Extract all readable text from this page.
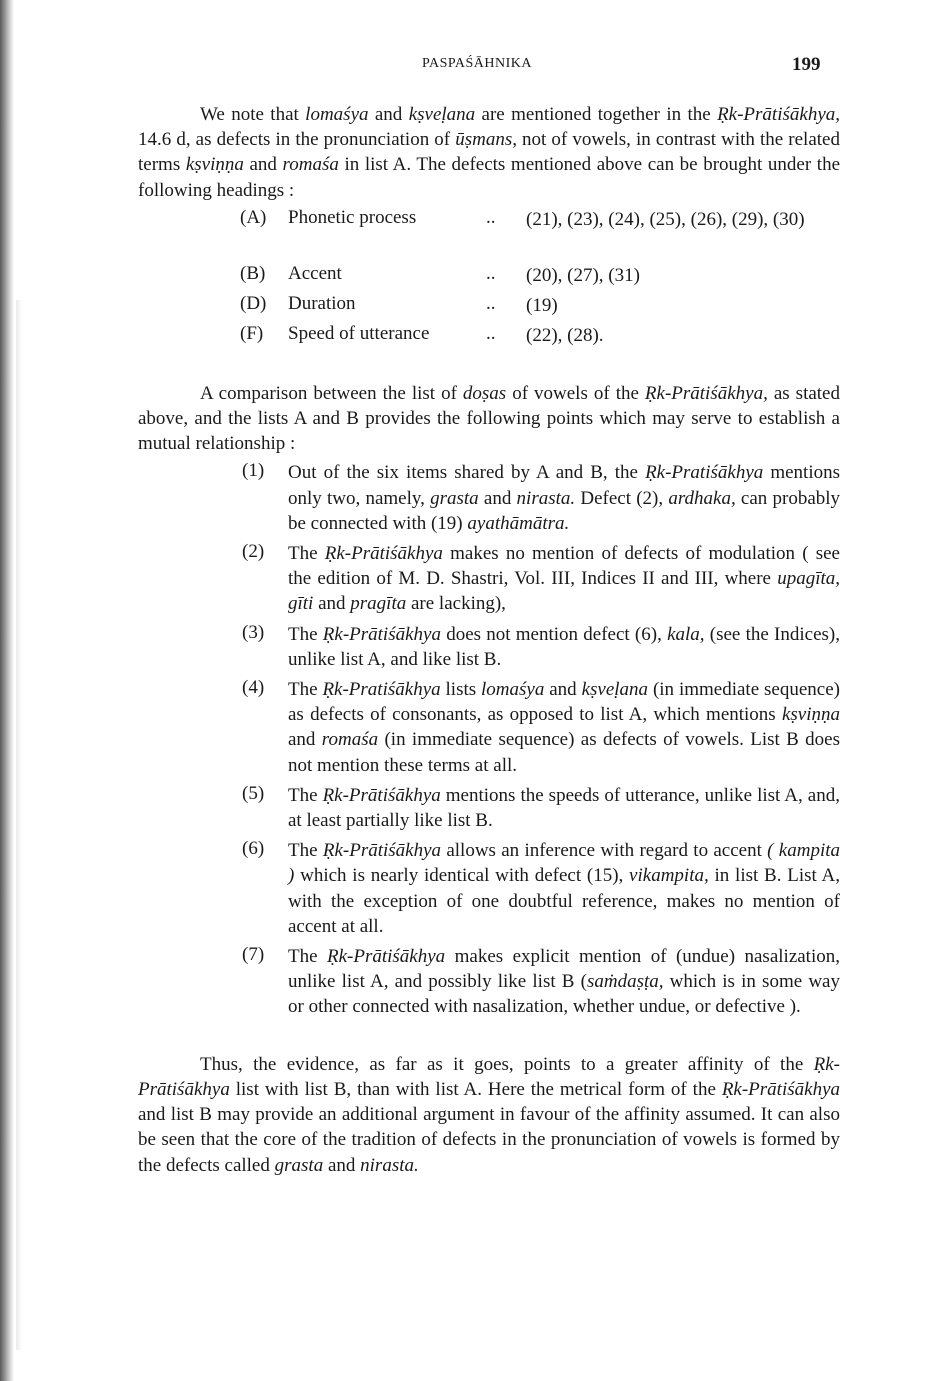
PASPAŚĀHNIKA	199

We note that lomaśya and kṣveḷana are mentioned together in the Ṛk-Prātiśākhya, 14.6 d, as defects in the pronunciation of ūṣmans, not of vowels, in contrast with the related terms kṣviṇṇa and romaśa in list A. The defects mentioned above can be brought under the following headings :

(A) Phonetic process	.. (21), (23), (24), (25), (26), (29), (30)
(B) Accent	.. (20), (27), (31)
(D) Duration	.. (19)
(F) Speed of utterance	.. (22), (28).

A comparison between the list of doṣas of vowels of the Ṛk-Prātiśākhya, as stated above, and the lists A and B provides the following points which may serve to establish a mutual relationship :

(1) Out of the six items shared by A and B, the Ṛk-Pratiśākhya mentions only two, namely, grasta and nirasta. Defect (2), ardhaka, can probably be connected with (19) ayathāmātra.

(2) The Ṛk-Prātiśākhya makes no mention of defects of modulation ( see the edition of M. D. Shastri, Vol. III, Indices II and III, where upagīta, gīti and pragīta are lacking),

(3) The Ṛk-Prātiśākhya does not mention defect (6), kala, (see the Indices), unlike list A, and like list B.

(4) The Ṛk-Pratiśākhya lists lomaśya and kṣveḷana (in immediate sequence) as defects of consonants, as opposed to list A, which mentions kṣviṇṇa and romaśa (in immediate sequence) as defects of vowels. List B does not mention these terms at all.

(5) The Ṛk-Prātiśākhya mentions the speeds of utterance, unlike list A, and, at least partially like list B.

(6) The Ṛk-Prātiśākhya allows an inference with regard to accent ( kampita ) which is nearly identical with defect (15), vikampita, in list B. List A, with the exception of one doubtful reference, makes no mention of accent at all.

(7) The Ṛk-Prātiśākhya makes explicit mention of (undue) nasalization, unlike list A, and possibly like list B (saṁdaṣṭa, which is in some way or other connected with nasalization, whether undue, or defective ).

Thus, the evidence, as far as it goes, points to a greater affinity of the Ṛk-Prātiśākhya list with list B, than with list A. Here the metrical form of the Ṛk-Prātiśākhya and list B may provide an additional argument in favour of the affinity assumed. It can also be seen that the core of the tradition of defects in the pronunciation of vowels is formed by the defects called grasta and nirasta.
